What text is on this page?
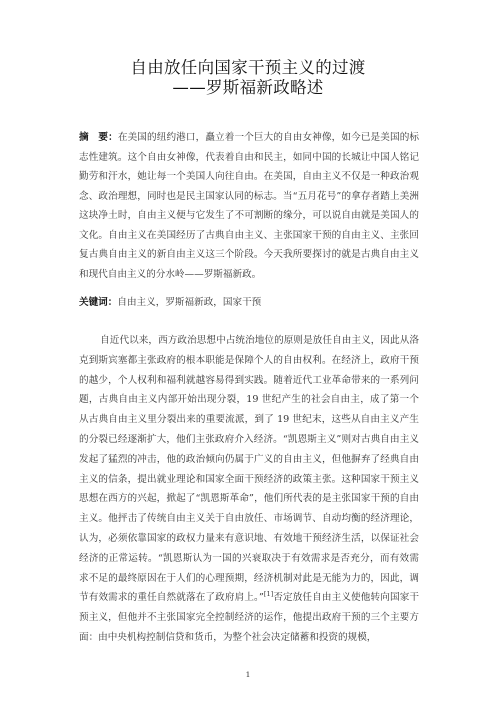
自由放任向国家干预主义的过渡
——罗斯福新政略述
摘　要：在美国的纽约港口，矗立着一个巨大的自由女神像，如今已是美国的标志性建筑。这个自由女神像，代表着自由和民主，如同中国的长城让中国人铭记勤劳和汗水，她让每一个美国人向往自由。在美国，自由主义不仅是一种政治观念、政治理想，同时也是民主国家认同的标志。当“五月花号”的拿存者踏上美洲这块净土时，自由主义便与它发生了不可割断的缘分，可以说自由就是美国人的文化。自由主义在美国经历了古典自由主义、主张国家干预的自由主义、主张回复古典自由主义的新自由主义这三个阶段。今天我所要探讨的就是古典自由主义和现代自由主义的分水岭——罗斯福新政。
关键词：自由主义，罗斯福新政，国家干预
自近代以来，西方政治思想中占统治地位的原则是放任自由主义，因此从洛克到斯宾塞都主张政府的根本职能是保障个人的自由权利。在经济上，政府干预的越少，个人权利和福利就越容易得到实践。随着近代工业革命带来的一系列问题，古典自由主义内部开始出现分裂，19 世纪产生的社会自由主，成了第一个从古典自由主义里分裂出来的重要流派，到了 19 世纪末，这些从自由主义产生的分裂已经逐渐扩大，他们主张政府介入经济。“凯恩斯主义”则对古典自由主义发起了猛烈的冲击，他的政治倾向仍属于广义的自由主义，但他摒弃了经典自由主义的信条，提出就业理论和国家全面干预经济的政策主张。这种国家干预主义思想在西方的兴起，掀起了“凯恩斯革命”，他们所代表的是主张国家干预的自由主义。他抨击了传统自由主义关于自由放任、市场调节、自动均衡的经济理论，认为，必须依靠国家的政权力量来有意识地、有效地干预经济生活，以保证社会经济的正常运转。“凯恩斯认为一国的兴衰取决于有效需求是否充分，而有效需求不足的最终原因在于人们的心理预期，经济机制对此是无能为力的，因此，调节有效需求的重任自然就落在了政府肩上。”[1]否定放任自由主义使他转向国家干预主义，但他并不主张国家完全控制经济的运作，他提出政府干预的三个主要方面：由中央机构控制信贷和货币，为整个社会决定储蓄和投资的规模，
1
